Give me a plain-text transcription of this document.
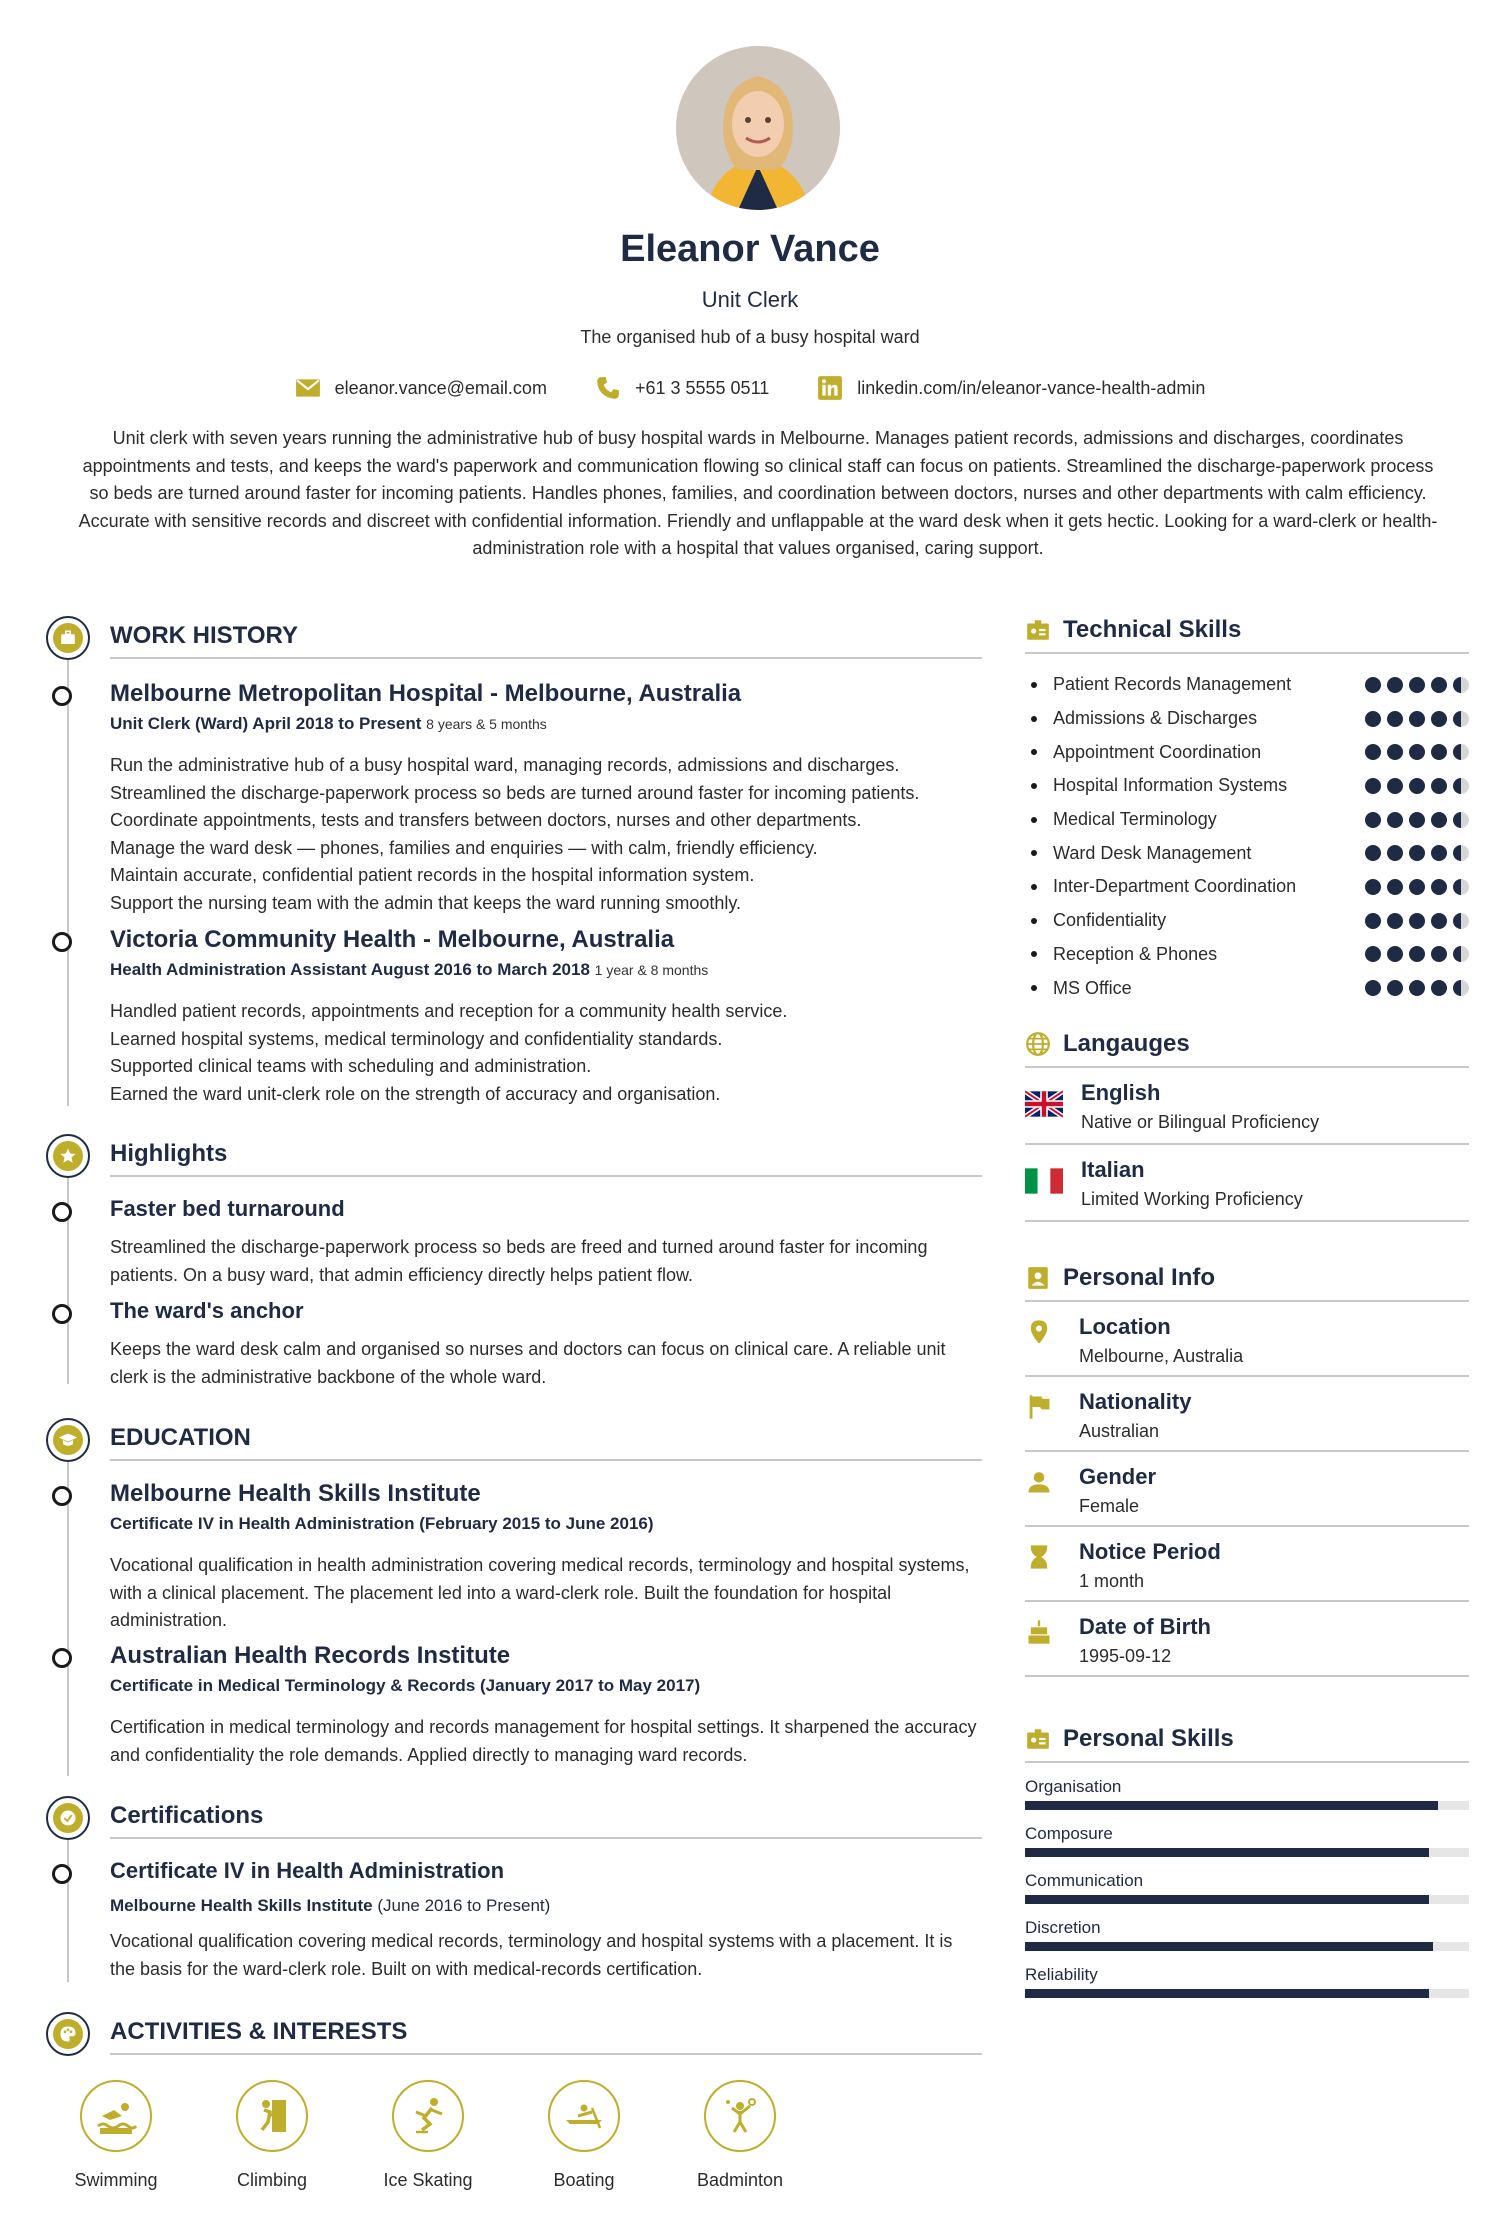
Eleanor Vance
Unit Clerk
The organised hub of a busy hospital ward
eleanor.vance@email.com	+61 3 5555 0511	linkedin.com/in/eleanor-vance-health-admin
Unit clerk with seven years running the administrative hub of busy hospital wards in Melbourne. Manages patient records, admissions and discharges, coordinates appointments and tests, and keeps the ward's paperwork and communication flowing so clinical staff can focus on patients. Streamlined the discharge-paperwork process so beds are turned around faster for incoming patients. Handles phones, families, and coordination between doctors, nurses and other departments with calm efficiency. Accurate with sensitive records and discreet with confidential information. Friendly and unflappable at the ward desk when it gets hectic. Looking for a ward-clerk or health-administration role with a hospital that values organised, caring support.
WORK HISTORY
Melbourne Metropolitan Hospital - Melbourne, Australia
Unit Clerk (Ward) April 2018 to Present 8 years & 5 months
Run the administrative hub of a busy hospital ward, managing records, admissions and discharges.
Streamlined the discharge-paperwork process so beds are turned around faster for incoming patients.
Coordinate appointments, tests and transfers between doctors, nurses and other departments.
Manage the ward desk — phones, families and enquiries — with calm, friendly efficiency.
Maintain accurate, confidential patient records in the hospital information system.
Support the nursing team with the admin that keeps the ward running smoothly.
Victoria Community Health - Melbourne, Australia
Health Administration Assistant August 2016 to March 2018 1 year & 8 months
Handled patient records, appointments and reception for a community health service.
Learned hospital systems, medical terminology and confidentiality standards.
Supported clinical teams with scheduling and administration.
Earned the ward unit-clerk role on the strength of accuracy and organisation.
Highlights
Faster bed turnaround
Streamlined the discharge-paperwork process so beds are freed and turned around faster for incoming patients. On a busy ward, that admin efficiency directly helps patient flow.
The ward's anchor
Keeps the ward desk calm and organised so nurses and doctors can focus on clinical care. A reliable unit clerk is the administrative backbone of the whole ward.
EDUCATION
Melbourne Health Skills Institute
Certificate IV in Health Administration (February 2015 to June 2016)
Vocational qualification in health administration covering medical records, terminology and hospital systems, with a clinical placement. The placement led into a ward-clerk role. Built the foundation for hospital administration.
Australian Health Records Institute
Certificate in Medical Terminology & Records (January 2017 to May 2017)
Certification in medical terminology and records management for hospital settings. It sharpened the accuracy and confidentiality the role demands. Applied directly to managing ward records.
Certifications
Certificate IV in Health Administration
Melbourne Health Skills Institute (June 2016 to Present)
Vocational qualification covering medical records, terminology and hospital systems with a placement. It is the basis for the ward-clerk role. Built on with medical-records certification.
ACTIVITIES & INTERESTS
Swimming	Climbing	Ice Skating	Boating	Badminton
Technical Skills
Patient Records Management
Admissions & Discharges
Appointment Coordination
Hospital Information Systems
Medical Terminology
Ward Desk Management
Inter-Department Coordination
Confidentiality
Reception & Phones
MS Office
Langauges
English
Native or Bilingual Proficiency
Italian
Limited Working Proficiency
Personal Info
Location
Melbourne, Australia
Nationality
Australian
Gender
Female
Notice Period
1 month
Date of Birth
1995-09-12
Personal Skills
Organisation
Composure
Communication
Discretion
Reliability
